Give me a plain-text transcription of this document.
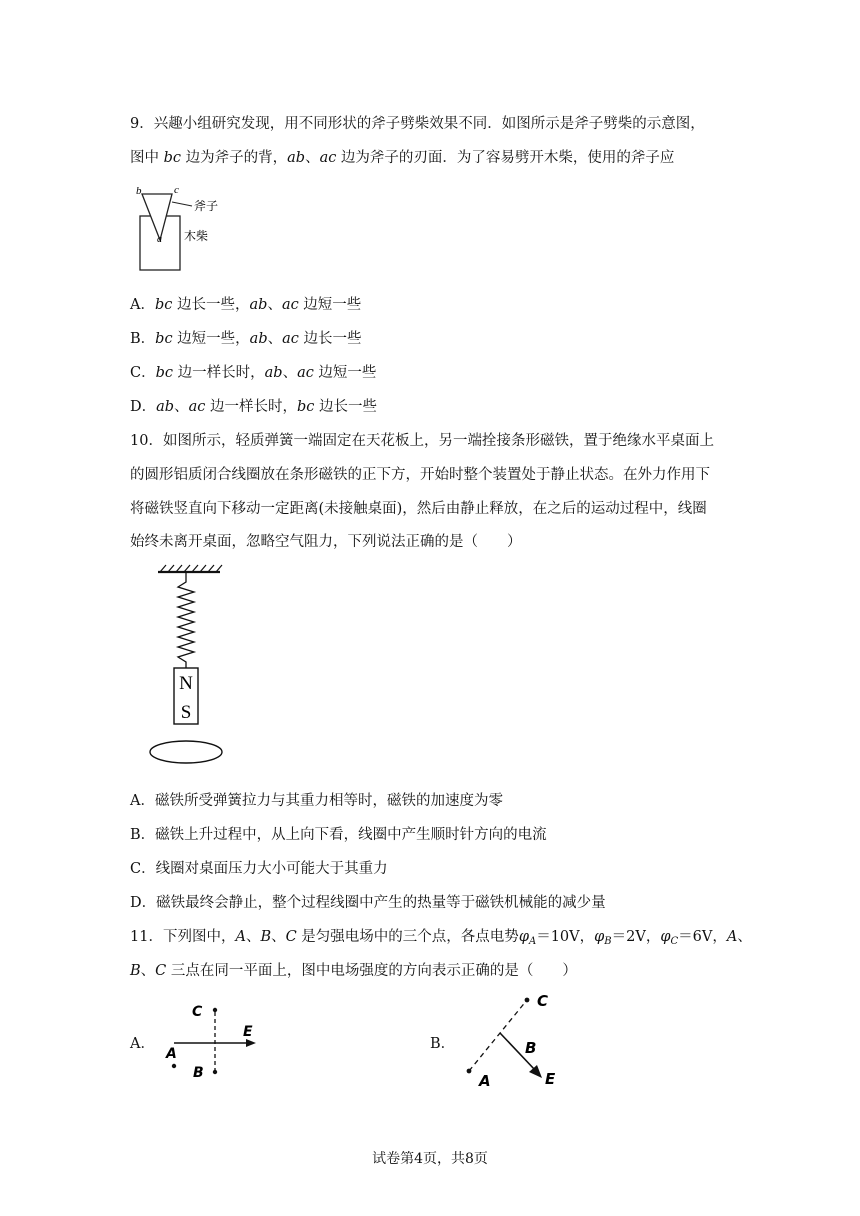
9．兴趣小组研究发现，用不同形状的斧子劈柴效果不同．如图所示是斧子劈柴的示意图，
图中 bc 边为斧子的背，ab、ac 边为斧子的刃面．为了容易劈开木柴，使用的斧子应
b	c
a
斧子
木柴
A．bc 边长一些，ab、ac 边短一些
B．bc 边短一些，ab、ac 边长一些
C．bc 边一样长时，ab、ac 边短一些
D．ab、ac 边一样长时，bc 边长一些
10．如图所示，轻质弹簧一端固定在天花板上，另一端拴接条形磁铁，置于绝缘水平桌面上
的圆形铝质闭合线圈放在条形磁铁的正下方，开始时整个装置处于静止状态。在外力作用下
将磁铁竖直向下移动一定距离(未接触桌面)，然后由静止释放，在之后的运动过程中，线圈
始终未离开桌面，忽略空气阻力，下列说法正确的是（　　）
N
S
A．磁铁所受弹簧拉力与其重力相等时，磁铁的加速度为零
B．磁铁上升过程中，从上向下看，线圈中产生顺时针方向的电流
C．线圈对桌面压力大小可能大于其重力
D．磁铁最终会静止，整个过程线圈中产生的热量等于磁铁机械能的减少量
11．下列图中，A、B、C 是匀强电场中的三个点，各点电势$\varphi_A=10V$，$\varphi_B=2V$，$\varphi_C=6V$，A、
B、C 三点在同一平面上，图中电场强度的方向表示正确的是（　　）
A．
C
E
A
B
B．
C
B
E
A
试卷第4页，共8页
